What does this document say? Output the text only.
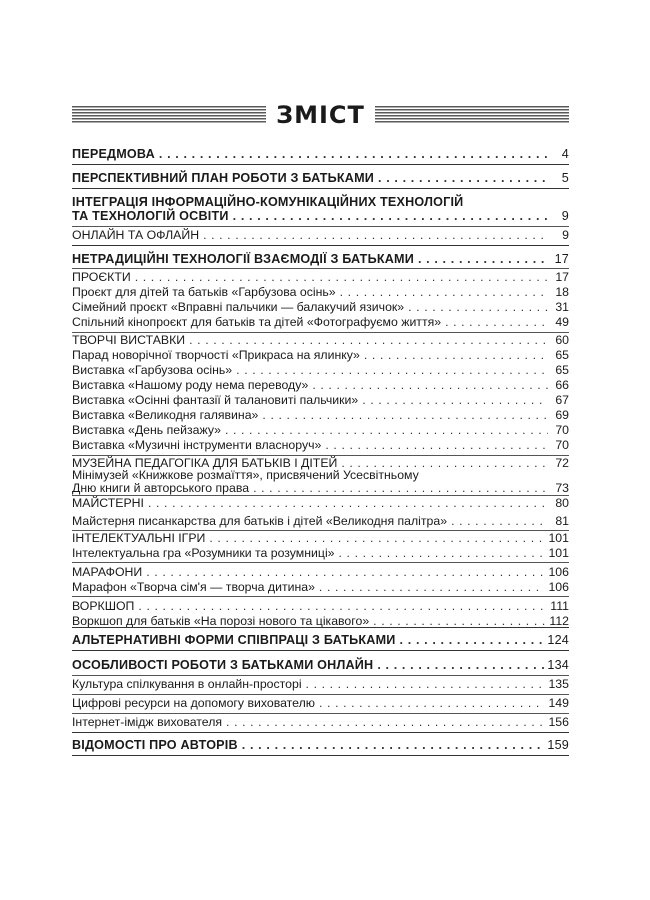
ЗМІСТ
ПЕРЕДМОВА . . .	4
ПЕРСПЕКТИВНИЙ ПЛАН РОБОТИ З БАТЬКАМИ . . .	5
ІНТЕГРАЦІЯ ІНФОРМАЦІЙНО-КОМУНІКАЦІЙНИХ ТЕХНОЛОГІЙ
ТА ТЕХНОЛОГІЙ ОСВІТИ . . .	9
ОНЛАЙН ТА ОФЛАЙН . . .	9
НЕТРАДИЦІЙНІ ТЕХНОЛОГІЇ ВЗАЄМОДІЇ З БАТЬКАМИ . . .	17
ПРОЄКТИ . . .	17
Проєкт для дітей та батьків «Гарбузова осінь» . . .	18
Сімейний проєкт «Вправні пальчики — балакучий язичок» . . .	31
Спільний кінопроєкт для батьків та дітей «Фотографуємо життя» . . .	49
ТВОРЧІ ВИСТАВКИ . . .	60
Парад новорічної творчості «Прикраса на ялинку» . . .	65
Виставка «Гарбузова осінь» . . .	65
Виставка «Нашому роду нема переводу» . . .	66
Виставка «Осінні фантазії й талановиті пальчики» . . .	67
Виставка «Великодня галявина» . . .	69
Виставка «День пейзажу» . . .	70
Виставка «Музичні інструменти власноруч» . . .	70
МУЗЕЙНА ПЕДАГОГІКА ДЛЯ БАТЬКІВ І ДІТЕЙ . . .	72
Мінімузей «Книжкове розмаїття», присвячений Усесвітньому
Дню книги й авторського права . . .	73
МАЙСТЕРНІ . . .	80
Майстерня писанкарства для батьків і дітей «Великодня палітра» . . .	81
ІНТЕЛЕКТУАЛЬНІ ІГРИ . . .	101
Інтелектуальна гра «Розумники та розумниці» . . .	101
МАРАФОНИ . . .	106
Марафон «Творча сім'я — творча дитина» . . .	106
ВОРКШОП . . .	111
Воркшоп для батьків «На порозі нового та цікавого» . . .	112
АЛЬТЕРНАТИВНІ ФОРМИ СПІВПРАЦІ З БАТЬКАМИ . . .	124
ОСОБЛИВОСТІ РОБОТИ З БАТЬКАМИ ОНЛАЙН . . .	134
Культура спілкування в онлайн-просторі . . .	135
Цифрові ресурси на допомогу вихователю . . .	149
Інтернет-імідж вихователя . . .	156
ВІДОМОСТІ ПРО АВТОРІВ . . .	159
